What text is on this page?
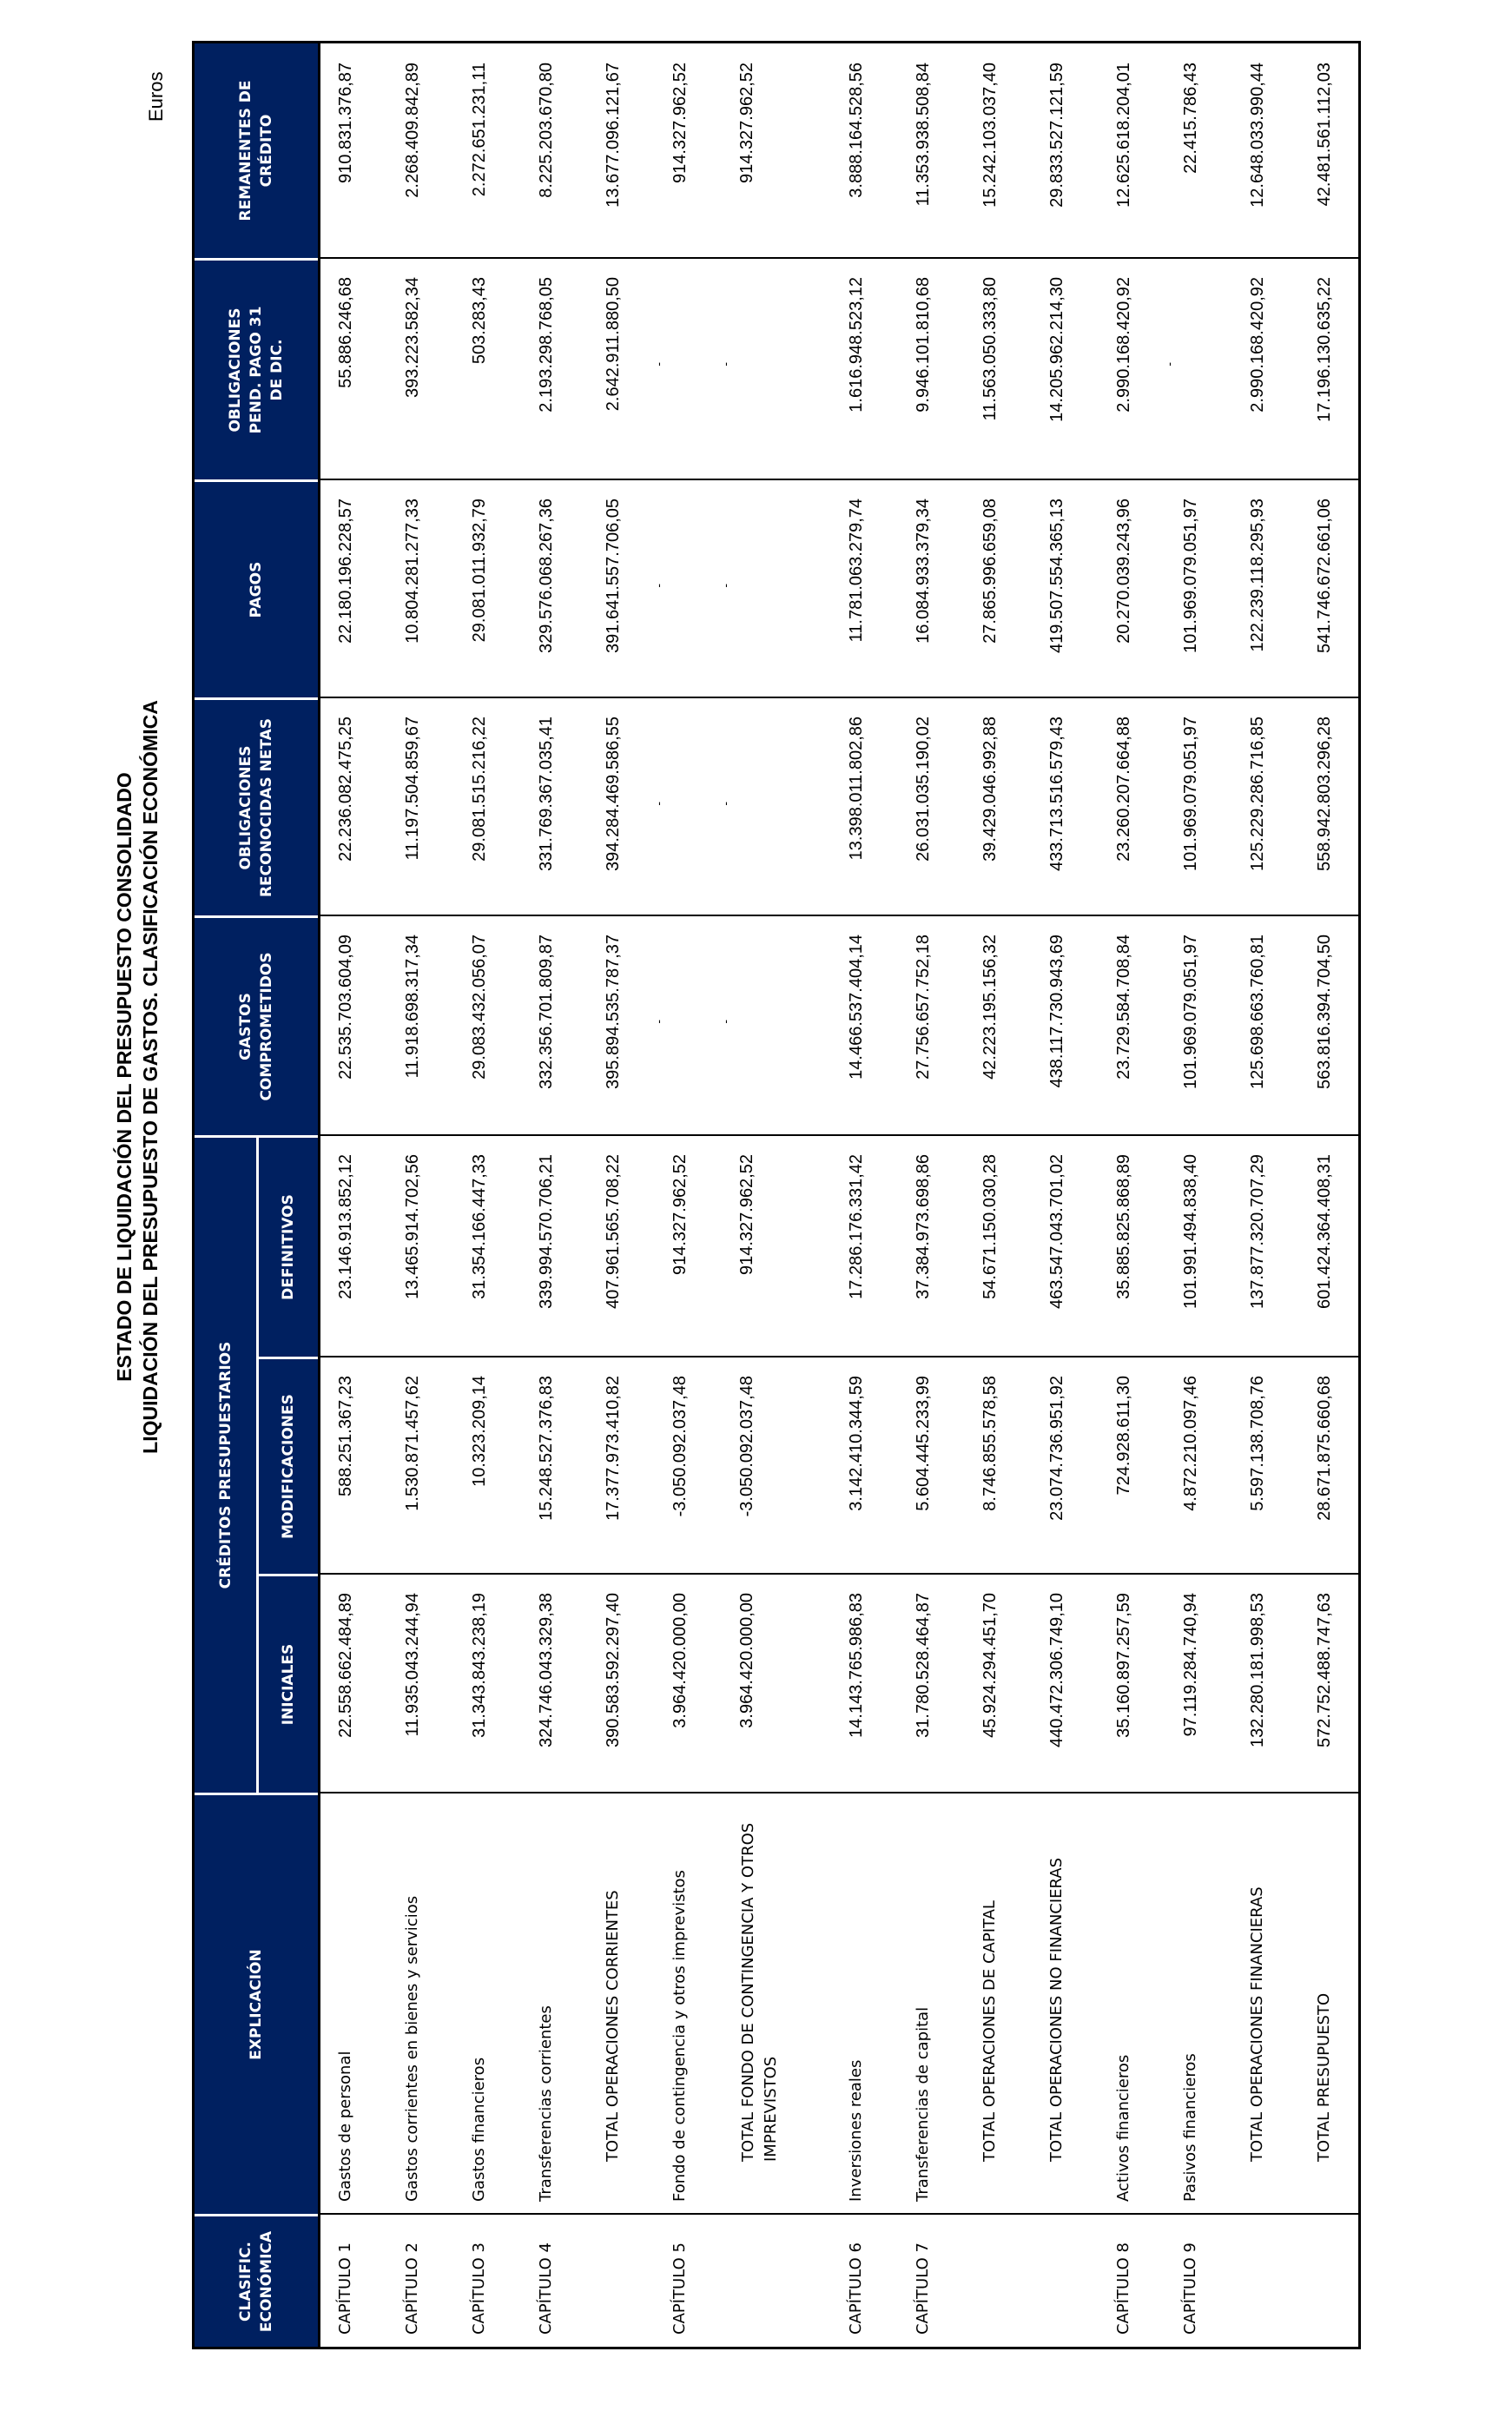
Euros
ESTADO DE LIQUIDACIÓN DEL PRESUPUESTO CONSOLIDADO LIQUIDACIÓN DEL PRESUPUESTO DE GASTOS. CLASIFICACIÓN ECONÓMICA
CLASIFIC. ECONÓMICA
EXPLICACIÓN
CRÉDITOS PRESUPUESTARIOS
INICIALES
MODIFICACIONES
DEFINITIVOS
GASTOS COMPROMETIDOS
OBLIGACIONES RECONOCIDAS NETAS
PAGOS
OBLIGACIONES PEND. PAGO 31 DE DIC.
REMANENTES DE CRÉDITO
CAPÍTULO 1
Gastos de personal
22.558.662.484,89
588.251.367,23
23.146.913.852,12
22.535.703.604,09
22.236.082.475,25
22.180.196.228,57
55.886.246,68
910.831.376,87
CAPÍTULO 2
Gastos corrientes en bienes y servicios
11.935.043.244,94
1.530.871.457,62
13.465.914.702,56
11.918.698.317,34
11.197.504.859,67
10.804.281.277,33
393.223.582,34
2.268.409.842,89
CAPÍTULO 3
Gastos financieros
31.343.843.238,19
10.323.209,14
31.354.166.447,33
29.083.432.056,07
29.081.515.216,22
29.081.011.932,79
503.283,43
2.272.651.231,11
CAPÍTULO 4
Transferencias corrientes
324.746.043.329,38
15.248.527.376,83
339.994.570.706,21
332.356.701.809,87
331.769.367.035,41
329.576.068.267,36
2.193.298.768,05
8.225.203.670,80
TOTAL OPERACIONES CORRIENTES
390.583.592.297,40
17.377.973.410,82
407.961.565.708,22
395.894.535.787,37
394.284.469.586,55
391.641.557.706,05
2.642.911.880,50
13.677.096.121,67
CAPÍTULO 5
Fondo de contingencia y otros imprevistos
3.964.420.000,00
-3.050.092.037,48
914.327.962,52
-
-
-
-
914.327.962,52
TOTAL FONDO DE CONTINGENCIA Y OTROS IMPREVISTOS
3.964.420.000,00
-3.050.092.037,48
914.327.962,52
-
-
-
-
914.327.962,52
CAPÍTULO 6
Inversiones reales
14.143.765.986,83
3.142.410.344,59
17.286.176.331,42
14.466.537.404,14
13.398.011.802,86
11.781.063.279,74
1.616.948.523,12
3.888.164.528,56
CAPÍTULO 7
Transferencias de capital
31.780.528.464,87
5.604.445.233,99
37.384.973.698,86
27.756.657.752,18
26.031.035.190,02
16.084.933.379,34
9.946.101.810,68
11.353.938.508,84
TOTAL OPERACIONES DE CAPITAL
45.924.294.451,70
8.746.855.578,58
54.671.150.030,28
42.223.195.156,32
39.429.046.992,88
27.865.996.659,08
11.563.050.333,80
15.242.103.037,40
TOTAL OPERACIONES NO FINANCIERAS
440.472.306.749,10
23.074.736.951,92
463.547.043.701,02
438.117.730.943,69
433.713.516.579,43
419.507.554.365,13
14.205.962.214,30
29.833.527.121,59
CAPÍTULO 8
Activos financieros
35.160.897.257,59
724.928.611,30
35.885.825.868,89
23.729.584.708,84
23.260.207.664,88
20.270.039.243,96
2.990.168.420,92
12.625.618.204,01
CAPÍTULO 9
Pasivos financieros
97.119.284.740,94
4.872.210.097,46
101.991.494.838,40
101.969.079.051,97
101.969.079.051,97
101.969.079.051,97
-
22.415.786,43
TOTAL OPERACIONES FINANCIERAS
132.280.181.998,53
5.597.138.708,76
137.877.320.707,29
125.698.663.760,81
125.229.286.716,85
122.239.118.295,93
2.990.168.420,92
12.648.033.990,44
TOTAL PRESUPUESTO
572.752.488.747,63
28.671.875.660,68
601.424.364.408,31
563.816.394.704,50
558.942.803.296,28
541.746.672.661,06
17.196.130.635,22
42.481.561.112,03
